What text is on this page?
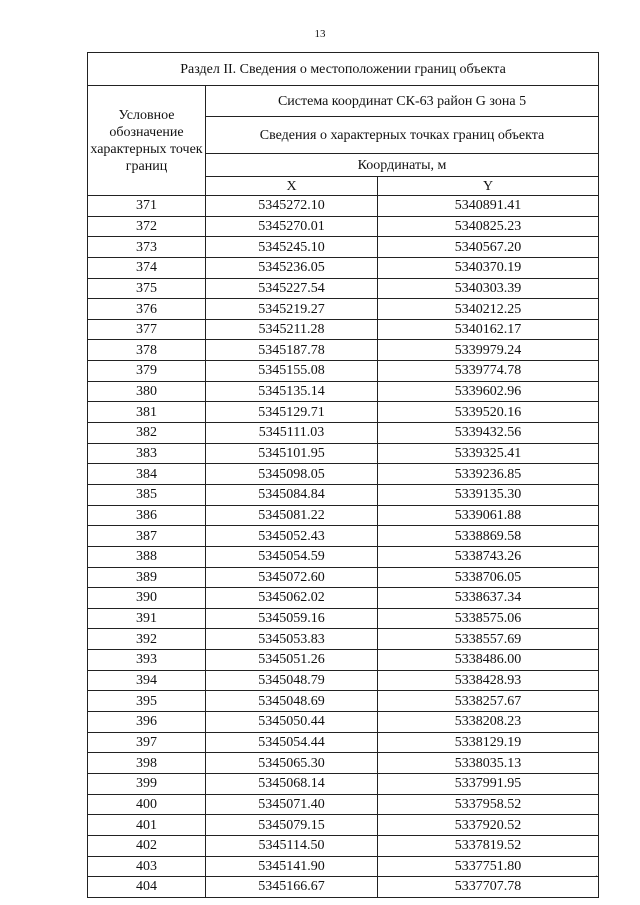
13
Раздел II. Сведения о местоположении границ объекта		
Условное обозначение характерных точек границ	Система координат СК-63 район G зона 5	
	Сведения о характерных точках границ объекта	
	Координаты, м	
	X	Y
371	5345272.10	5340891.41
372	5345270.01	5340825.23
373	5345245.10	5340567.20
374	5345236.05	5340370.19
375	5345227.54	5340303.39
376	5345219.27	5340212.25
377	5345211.28	5340162.17
378	5345187.78	5339979.24
379	5345155.08	5339774.78
380	5345135.14	5339602.96
381	5345129.71	5339520.16
382	5345111.03	5339432.56
383	5345101.95	5339325.41
384	5345098.05	5339236.85
385	5345084.84	5339135.30
386	5345081.22	5339061.88
387	5345052.43	5338869.58
388	5345054.59	5338743.26
389	5345072.60	5338706.05
390	5345062.02	5338637.34
391	5345059.16	5338575.06
392	5345053.83	5338557.69
393	5345051.26	5338486.00
394	5345048.79	5338428.93
395	5345048.69	5338257.67
396	5345050.44	5338208.23
397	5345054.44	5338129.19
398	5345065.30	5338035.13
399	5345068.14	5337991.95
400	5345071.40	5337958.52
401	5345079.15	5337920.52
402	5345114.50	5337819.52
403	5345141.90	5337751.80
404	5345166.67	5337707.78
·
